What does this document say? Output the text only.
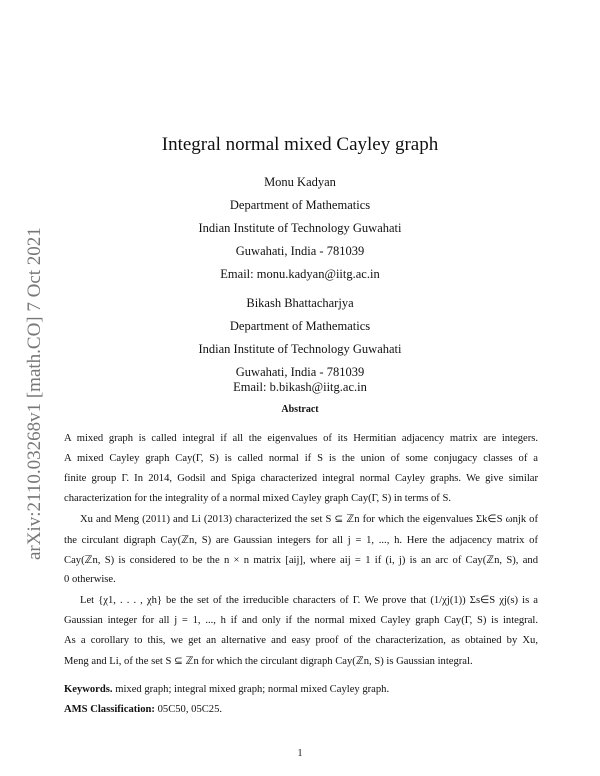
arXiv:2110.03268v1 [math.CO] 7 Oct 2021
Integral normal mixed Cayley graph
Monu Kadyan
Department of Mathematics
Indian Institute of Technology Guwahati
Guwahati, India - 781039
Email: monu.kadyan@iitg.ac.in
Bikash Bhattacharjya
Department of Mathematics
Indian Institute of Technology Guwahati
Guwahati, India - 781039
Email: b.bikash@iitg.ac.in
Abstract
A mixed graph is called integral if all the eigenvalues of its Hermitian adjacency matrix are integers.
A mixed Cayley graph Cay(Γ, S) is called normal if S is the union of some conjugacy classes of a
finite group Γ. In 2014, Godsil and Spiga characterized integral normal Cayley graphs. We give similar
characterization for the integrality of a normal mixed Cayley graph Cay(Γ, S) in terms of S.
Xu and Meng (2011) and Li (2013) characterized the set S ⊆ ℤn for which the eigenvalues Σk∈S ωnjk of
the circulant digraph Cay(ℤn, S) are Gaussian integers for all j = 1, ..., h. Here the adjacency matrix of
Cay(ℤn, S) is considered to be the n × n matrix [aij], where aij = 1 if (i, j) is an arc of Cay(ℤn, S), and
0 otherwise.
Let {χ1, . . . , χh} be the set of the irreducible characters of Γ. We prove that (1/χj(1)) Σs∈S χj(s) is a
Gaussian integer for all j = 1, ..., h if and only if the normal mixed Cayley graph Cay(Γ, S) is integral.
As a corollary to this, we get an alternative and easy proof of the characterization, as obtained by Xu,
Meng and Li, of the set S ⊆ ℤn for which the circulant digraph Cay(ℤn, S) is Gaussian integral.
Keywords. mixed graph; integral mixed graph; normal mixed Cayley graph.
AMS Classification: 05C50, 05C25.
1
